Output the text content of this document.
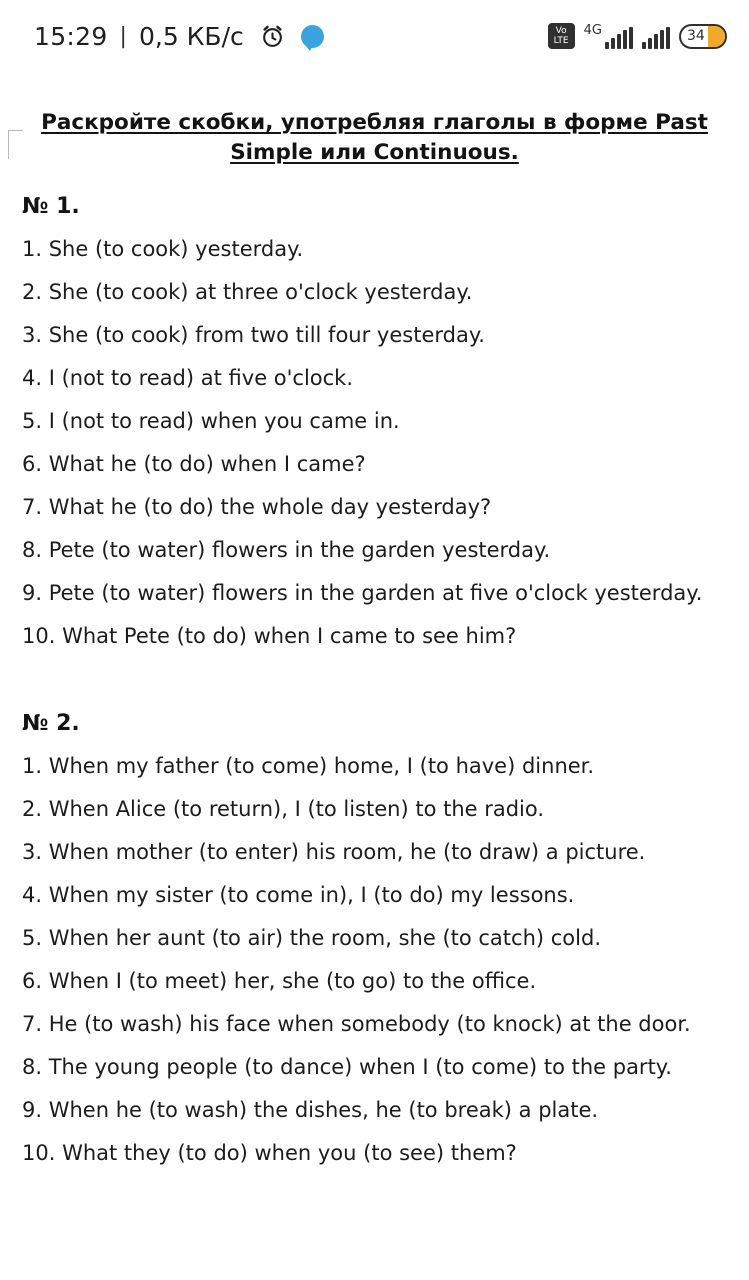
15:29 | 0,5 КБ/с	Vo
LTE
4G	34
Раскройте скобки, употребляя глаголы в форме Past Simple или Continuous.
№ 1.
1. She (to cook) yesterday.
2. She (to cook) at three o'clock yesterday.
3. She (to cook) from two till four yesterday.
4. I (not to read) at five o'clock.
5. I (not to read) when you came in.
6. What he (to do) when I came?
7. What he (to do) the whole day yesterday?
8. Pete (to water) flowers in the garden yesterday.
9. Pete (to water) flowers in the garden at five o'clock yesterday.
10. What Pete (to do) when I came to see him?
№ 2.
1. When my father (to come) home, I (to have) dinner.
2. When Alice (to return), I (to listen) to the radio.
3. When mother (to enter) his room, he (to draw) a picture.
4. When my sister (to come in), I (to do) my lessons.
5. When her aunt (to air) the room, she (to catch) cold.
6. When I (to meet) her, she (to go) to the office.
7. He (to wash) his face when somebody (to knock) at the door.
8. The young people (to dance) when I (to come) to the party.
9. When he (to wash) the dishes, he (to break) a plate.
10. What they (to do) when you (to see) them?
